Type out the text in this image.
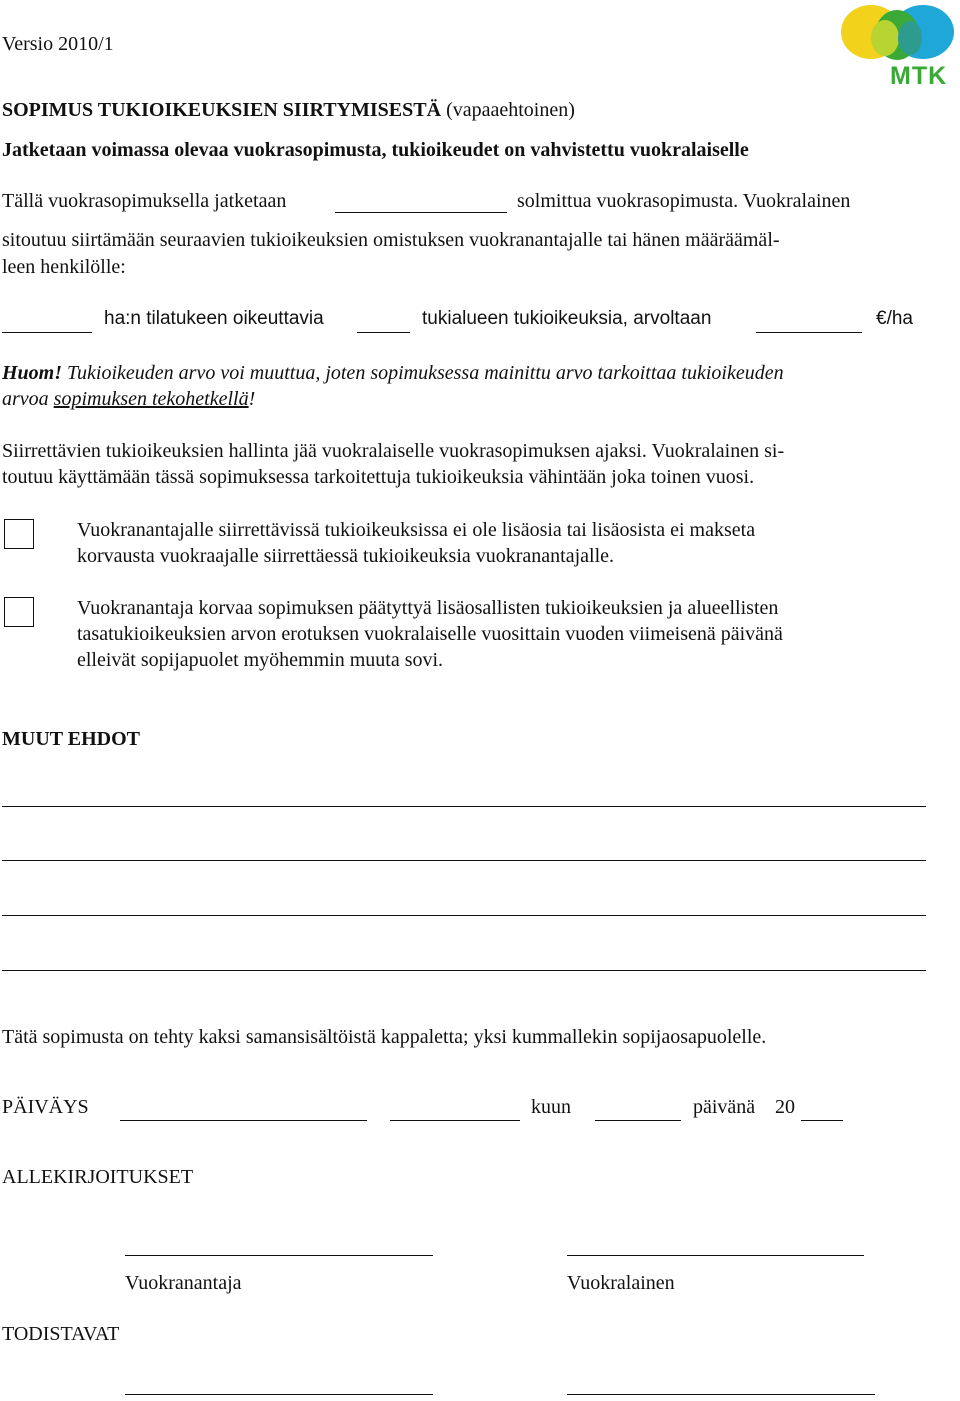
Versio 2010/1
MTK
SOPIMUS TUKIOIKEUKSIEN SIIRTYMISESTÄ (vapaaehtoinen)
Jatketaan voimassa olevaa vuokrasopimusta, tukioikeudet on vahvistettu vuokralaiselle
Tällä vuokrasopimuksella jatketaan	solmittua vuokrasopimusta. Vuokralainen
sitoutuu siirtämään seuraavien tukioikeuksien omistuksen vuokranantajalle tai hänen määräämäl-
leen henkilölle:
ha:n tilatukeen oikeuttavia	tukialueen tukioikeuksia, arvoltaan	€/ha
Huom! Tukioikeuden arvo voi muuttua, joten sopimuksessa mainittu arvo tarkoittaa tukioikeuden
arvoa sopimuksen tekohetkellä!
Siirrettävien tukioikeuksien hallinta jää vuokralaiselle vuokrasopimuksen ajaksi. Vuokralainen si-
toutuu käyttämään tässä sopimuksessa tarkoitettuja tukioikeuksia vähintään joka toinen vuosi.
Vuokranantajalle siirrettävissä tukioikeuksissa ei ole lisäosia tai lisäosista ei makseta
korvausta vuokraajalle siirrettäessä tukioikeuksia vuokranantajalle.
Vuokranantaja korvaa sopimuksen päätyttyä lisäosallisten tukioikeuksien ja alueellisten
tasatukioikeuksien arvon erotuksen vuokralaiselle vuosittain vuoden viimeisenä päivänä
elleivät sopijapuolet myöhemmin muuta sovi.
MUUT EHDOT
Tätä sopimusta on tehty kaksi samansisältöistä kappaletta; yksi kummallekin sopijaosapuolelle.
PÄIVÄYS	kuun	päivänä 20
ALLEKIRJOITUKSET
Vuokranantaja	Vuokralainen
TODISTAVAT
